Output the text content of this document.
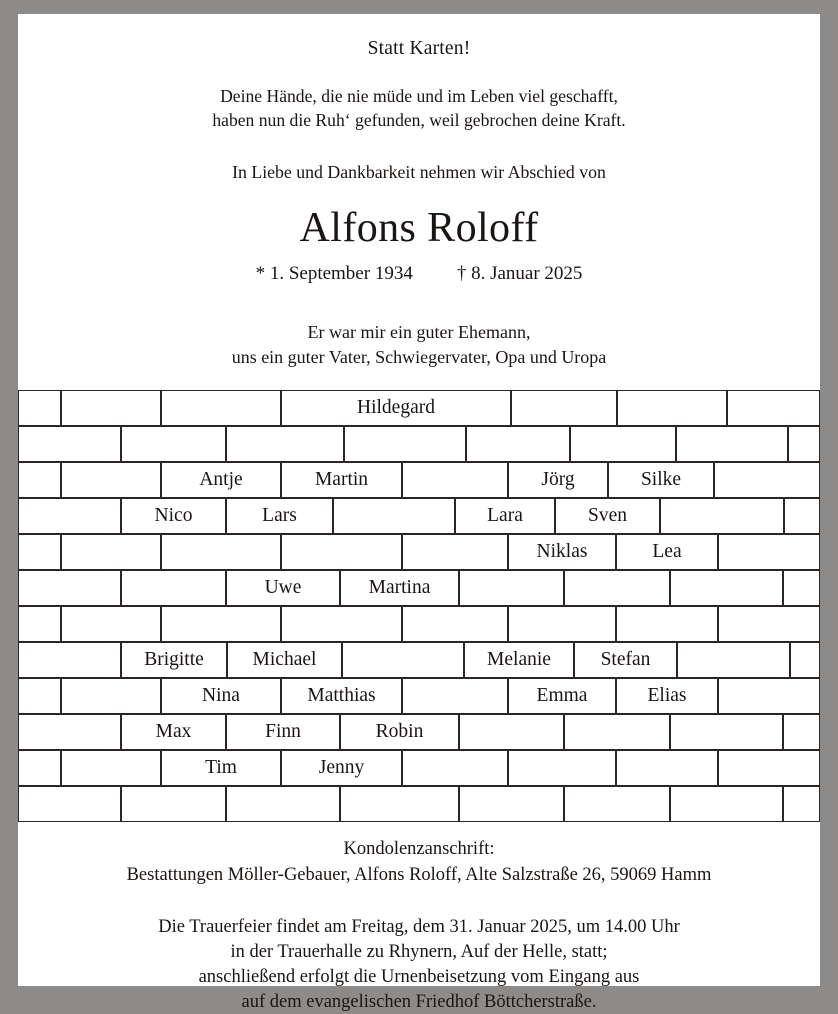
Statt Karten!
Deine Hände, die nie müde und im Leben viel geschafft,
haben nun die Ruh‘ gefunden, weil gebrochen deine Kraft.
In Liebe und Dankbarkeit nehmen wir Abschied von
Alfons Roloff
* 1. September 1934 † 8. Januar 2025
Er war mir ein guter Ehemann,
uns ein guter Vater, Schwiegervater, Opa und Uropa
Hildegard
Antje	Martin	Jörg	Silke
Nico	Lars	Lara	Sven
Niklas	Lea
Uwe	Martina
Brigitte	Michael	Melanie	Stefan
Nina	Matthias	Emma	Elias
Max	Finn	Robin
Tim	Jenny
Kondolenzanschrift:
Bestattungen Möller-Gebauer, Alfons Roloff, Alte Salzstraße 26, 59069 Hamm
Die Trauerfeier findet am Freitag, dem 31. Januar 2025, um 14.00 Uhr
in der Trauerhalle zu Rhynern, Auf der Helle, statt;
anschließend erfolgt die Urnenbeisetzung vom Eingang aus
auf dem evangelischen Friedhof Böttcherstraße.
